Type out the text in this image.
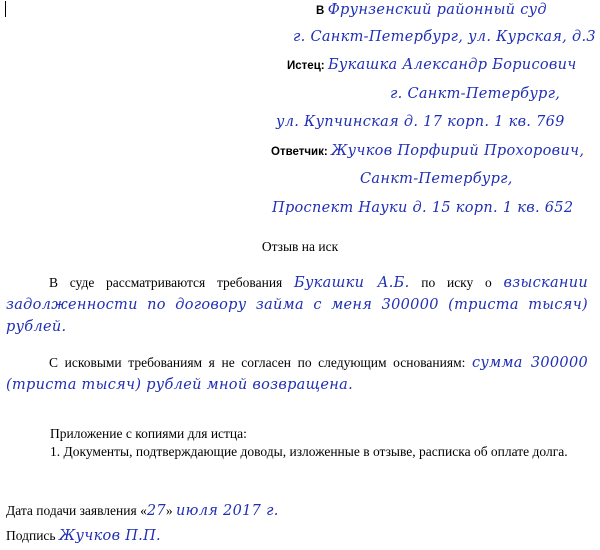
В Фрунзенский районный суд
г. Санкт-Петербург, ул. Курская, д.3
Истец: Букашка Александр Борисович
г. Санкт-Петербург,
ул. Купчинская д. 17 корп. 1 кв. 769
Ответчик: Жучков Порфирий Прохорович,
Санкт-Петербург,
Проспект Науки д. 15 корп. 1 кв. 652
Отзыв на иск
В суде рассматриваются требования Букашки А.Б. по иску о взыскании задолженности по договору займа с меня 300000 (триста тысяч) рублей.
С исковыми требованиям я не согласен по следующим основаниям: сумма 300000 (триста тысяч) рублей мной возвращена.
Приложение с копиями для истца:
1. Документы, подтверждающие доводы, изложенные в отзыве, расписка об оплате долга.
Дата подачи заявления «27» июля 2017 г.
Подпись Жучков П.П.
